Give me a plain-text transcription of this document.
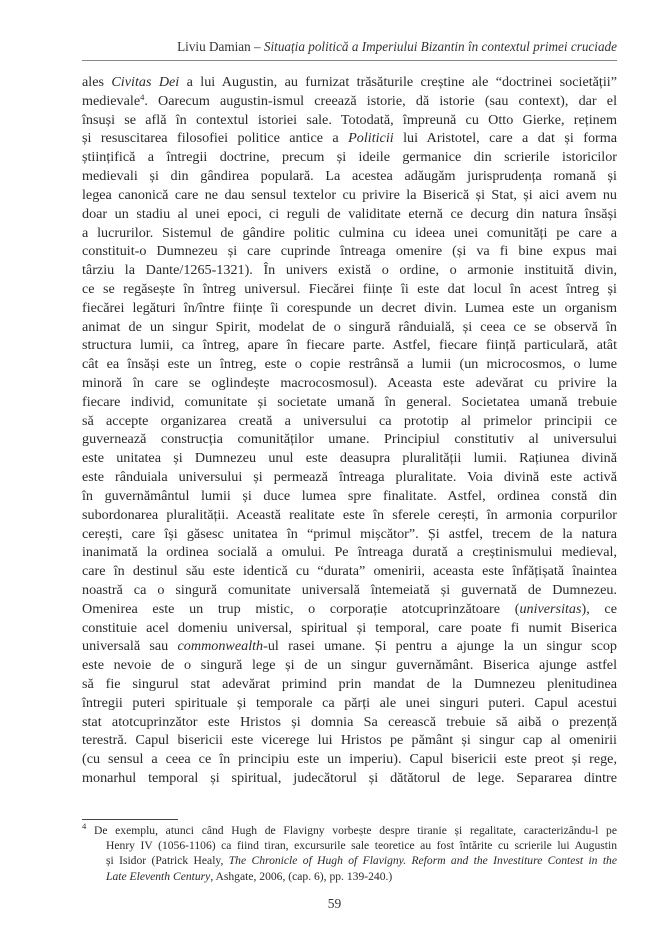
Liviu Damian – Situația politică a Imperiului Bizantin în contextul primei cruciade
ales Civitas Dei a lui Augustin, au furnizat trăsăturile creștine ale “doctrinei societății”
medievale$^4$. Oarecum augustin-ismul creează istorie, dă istorie (sau context), dar el
însuși se află în contextul istoriei sale. Totodată, împreună cu Otto Gierke, reținem
și resuscitarea filosofiei politice antice a Politicii lui Aristotel, care a dat și forma
științifică a întregii doctrine, precum și ideile germanice din scrierile istoricilor
medievali și din gândirea populară. La acestea adăugăm jurisprudența romană și
legea canonică care ne dau sensul textelor cu privire la Biserică și Stat, și aici avem nu
doar un stadiu al unei epoci, ci reguli de validitate eternă ce decurg din natura însăși
a lucrurilor. Sistemul de gândire politic culmina cu ideea unei comunități pe care a
constituit-o Dumnezeu și care cuprinde întreaga omenire (și va fi bine expus mai
târziu la Dante/1265-1321). În univers există o ordine, o armonie instituită divin,
ce se regăsește în întreg universul. Fiecărei ființe îi este dat locul în acest întreg și
fiecărei legături în/între ființe îi corespunde un decret divin. Lumea este un organism
animat de un singur Spirit, modelat de o singură rânduială, și ceea ce se observă în
structura lumii, ca întreg, apare în fiecare parte. Astfel, fiecare ființă particulară, atât
cât ea însăși este un întreg, este o copie restrânsă a lumii (un microcosmos, o lume
minoră în care se oglindește macrocosmosul). Aceasta este adevărat cu privire la
fiecare individ, comunitate și societate umană în general. Societatea umană trebuie
să accepte organizarea creată a universului ca prototip al primelor principii ce
guvernează construcția comunităților umane. Principiul constitutiv al universului
este unitatea și Dumnezeu unul este deasupra pluralității lumii. Rațiunea divină
este rânduiala universului și permează întreaga pluralitate. Voia divină este activă
în guvernământul lumii și duce lumea spre finalitate. Astfel, ordinea constă din
subordonarea pluralității. Această realitate este în sferele cerești, în armonia corpurilor
cerești, care își găsesc unitatea în “primul mișcător”. Și astfel, trecem de la natura
inanimată la ordinea socială a omului. Pe întreaga durată a creștinismului medieval,
care în destinul său este identică cu “durata” omenirii, aceasta este înfățișată înaintea
noastră ca o singură comunitate universală întemeiată și guvernată de Dumnezeu.
Omenirea este un trup mistic, o corporație atotcuprinzătoare (universitas), ce
constituie acel domeniu universal, spiritual și temporal, care poate fi numit Biserica
universală sau commonwealth-ul rasei umane. Și pentru a ajunge la un singur scop
este nevoie de o singură lege și de un singur guvernământ. Biserica ajunge astfel
să fie singurul stat adevărat primind prin mandat de la Dumnezeu plenitudinea
întregii puteri spirituale și temporale ca părți ale unei singuri puteri. Capul acestui
stat atotcuprinzător este Hristos și domnia Sa cerească trebuie să aibă o prezență
terestră. Capul bisericii este vicerege lui Hristos pe pământ și singur cap al omenirii
(cu sensul a ceea ce în principiu este un imperiu). Capul bisericii este preot și rege,
monarhul temporal și spiritual, judecătorul și dătătorul de lege. Separarea dintre
$^4$ De exemplu, atunci când Hugh de Flavigny vorbește despre tiranie și regalitate, caracterizându-l pe
Henry IV (1056-1106) ca fiind tiran, excursurile sale teoretice au fost întărite cu scrierile lui Augustin
și Isidor (Patrick Healy, The Chronicle of Hugh of Flavigny. Reform and the Investiture Contest in the
Late Eleventh Century, Ashgate, 2006, (cap. 6), pp. 139-240.)
59
